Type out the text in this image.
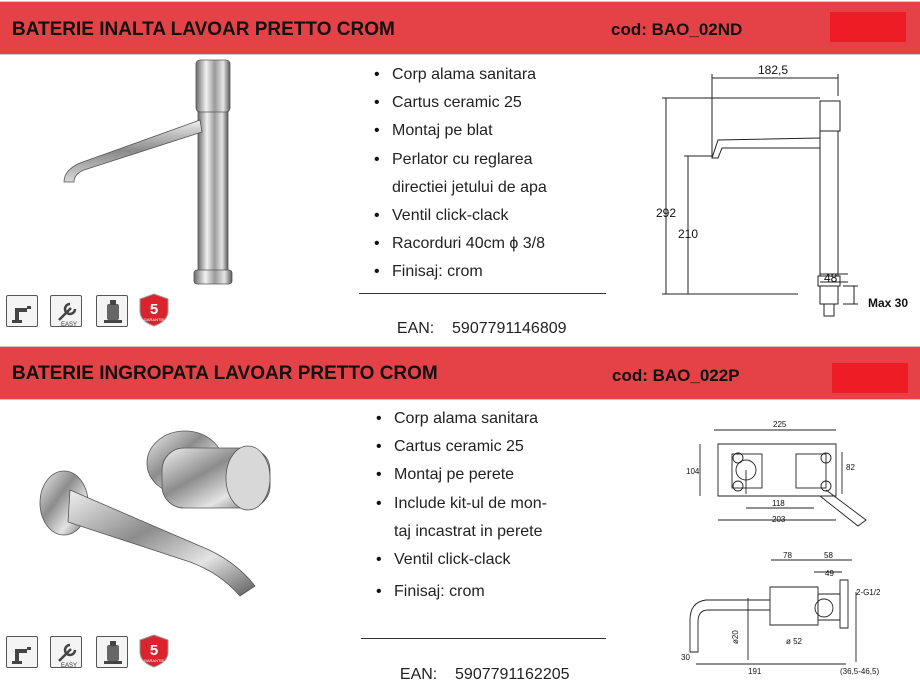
BATERIE INALTA LAVOAR PRETTO CROM	cod: BAO_02ND
EASY
5
GARANTIE
• Corp alama sanitara
• Cartus ceramic 25
• Montaj pe blat
• Perlator cu reglarea
directiei jetului de apa
• Ventil click-clack
• Racorduri 40cm ϕ 3/8
• Finisaj: crom

EAN: 5907791146809

182,5
292
210
48
Max 30
BATERIE INGROPATA LAVOAR PRETTO CROM	cod: BAO_022P
EASY
5
GARANTIE
• Corp alama sanitara
• Cartus ceramic 25
• Montaj pe perete
• Include kit-ul de mon-
taj incastrat in perete
• Ventil click-clack
• Finisaj: crom

EAN: 5907791162205

225
104	82
118
203
78	58
49
2-G1/2
ø20	ø 52
30
191	(36,5-46,5)
